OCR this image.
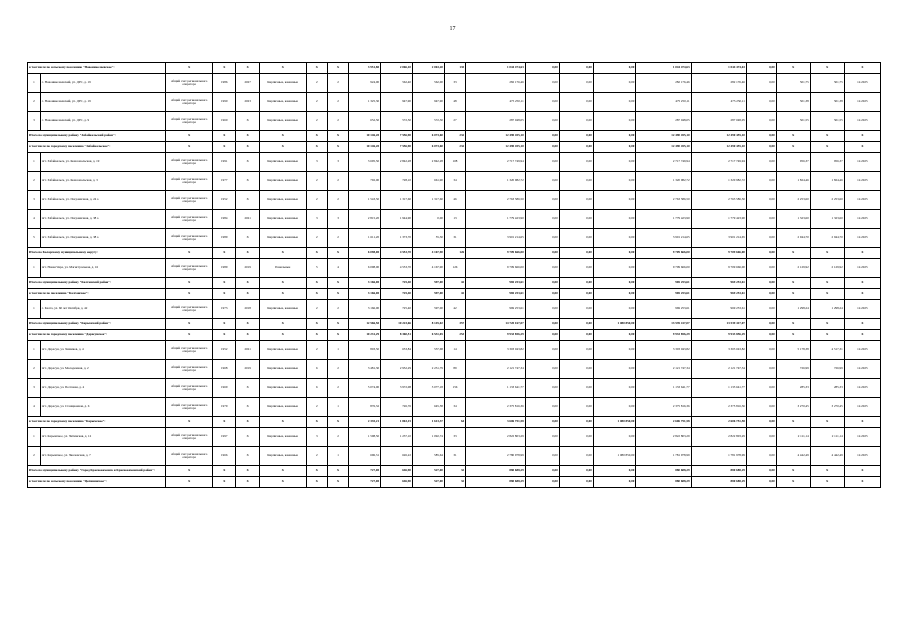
17
в том числе по сельскому поселению "Новониколаевское":		X	X	X	X	X	X	3 951,80	2 066,10	2 063,20	135	1 044 474,63	0,00	0,00	0,00	1 044 474,63	1 044 474,63	0,00	X	X	X
1	с. Новониколаевский, ул. ДРС, д. 19	общий счет регионального оператора	1986	2027	Кирпичные, каменные	2	2	924,00	562,40	562,00	33	282 176,46	0,00	0,00	0,00	282 176,46	282 176,46	0,00	501,75	501,75	12.2025
2	с. Новониколаевский, ул. ДРС, д. 19	общий счет регионального оператора	1990	2023	Кирпичные, каменные	2	2	1 325,30	947,90	947,90	48	475 250,11	0,00	0,00	0,00	475 250,11	475 250,11	0,00	501,38	501,38	12.2025
3	с. Новониколаевский, ул. ДРС, д. 9	общий счет регионального оператора	1960	X	Кирпичные, каменные	2	2	652,50	572,50	572,30	27	287 048,05	0,00	0,00	0,00	287 048,05	287 048,05	0,00	501,55	501,55	12.2025
Итого по муниципальному району "Забайкальский район":		X	X	X	X	X	X	10 146,20	7 556,90	6 073,60	232	12 490 455,10	0,00	0,00	0,00	12 490 455,10	12 490 455,10	0,00	X	X	X
в том числе по городскому поселению "Забайкальское":		X	X	X	X	X	X	10 146,20	7 556,90	6 073,60	232	12 490 455,10	0,00	0,00	0,00	12 490 455,10	12 490 455,10	0,00	X	X	X
1	пгт. Забайкальск, ул. Комсомольская, д. 19	общий счет регионального оператора	1991	X	Кирпичные, каменные	3	3	3 695,50	2 842,28	2 842,28	108	2 717 749,94	0,00	0,00	0,00	2 717 749,94	2 717 749,94	0,00	956,37	956,37	12.2025
2	пгт. Забайкальск, ул. Комсомольская, д. 3	общий счет регионального оператора	1977	X	Кирпичные, каменные	2	2	792,00	728,10	661,90	34	1 320 982,72	0,00	0,00	0,00	1 320 982,72	1 320 982,72	0,00	1 824,46	1 824,46	12.2025
3	пгт. Забайкальск, ул. Пограничная, д. 24 а	общий счет регионального оператора	1952	X	Кирпичные, каменные	2	2	1 543,50	1 317,60	1 317,60	46	2 763 586,50	0,00	0,00	0,00	2 763 586,50	2 763 586,50	0,00	2 253,60	2 253,60	12.2025
4	пгт. Забайкальск, ул. Пограничная, д. 38 а	общий счет регионального оператора	1984	2021	Кирпичные, каменные	3	3	2 815,20	1 944,90	0,00	13	1 779 423,90	0,00	0,00	0,00	1 779 423,90	1 779 423,90	0,00	1 323,60	1 323,60	12.2025
5	пгт. Забайкальск, ул. Пограничная, д. 38 а	общий счет регионального оператора	1989	X	Кирпичные, каменные	2	2	1 611,20	1 373,70	55,30	31	3 901 214,65	0,00	0,00	0,00	3 901 214,65	3 901 214,65	0,00	2 944,70	2 944,70	12.2025
Итого по Каларскому муниципальному округу:		X	X	X	X	X	X	6 098,00	4 553,70	4 167,90	126	9 709 666,00	0,00	0,00	0,00	9 709 666,00	9 709 666,00	0,00	X	X	X
1	пгт. Новая Чара, ул. Магистральная, д. 16	общий счет регионального оператора	1989	2019	Панельные	5	4	6 098,00	4 553,70	4 167,90	126	9 709 666,00	0,00	0,00	0,00	9 709 666,00	9 709 666,00	0,00	2 129,92	2 129,92	12.2025
Итого по муниципальному району "Калганский район":		X	X	X	X	X	X	3 166,00	725,40	597,00	42	969 253,61	0,00	0,00	0,00	969 253,61	969 253,61	0,00	X	X	X
в том числе по поселению "Калганское":		X	X	X	X	X	X	3 166,00	725,40	597,00	42	969 253,61	0,00	0,00	0,00	969 253,61	969 253,61	0,00	X	X	X
1	с. Калга, ул. 60 лет Октября, д. 42	общий счет регионального оператора	1973	2018	Кирпичные, каменные	2	2	3 166,00	725,40	597,00	42	969 253,61	0,00	0,00	0,00	969 253,61	969 253,61	0,00	1 298,24	1 298,24	12.2025
Итого по муниципальному району "Карымский район":		X	X	X	X	X	X	12 566,50	10 223,66	8 145,02	357	14 720 167,07	0,00	0,00	1 080 850,00	13 539 417,07	13 539 417,07	0,00	X	X	X
в том числе по городскому поселению "Дарасунское":		X	X	X	X	X	X	10 231,29	8 360,51	6 531,65	253	9 933 856,29	0,00	0,00	0,00	9 933 856,29	9 933 856,29	0,00	X	X	X
1	пгт. Дарасун, ул. Химиков, д. 4	общий счет регионального оператора	1952	2021	Кирпичные, каменные	2	1	803,50	653,84	537,68	14	3 303 043,82	0,00	0,00	0,00	3 303 043,82	3 303 043,82	0,00	5 178,38	4 517,31	12.2025
2	пгт. Дарасун, ул. Молодежная, д. 2	общий счет регионального оператора	1968	2019	Кирпичные, каменные	6	2	3 481,30	2 952,29	2 231,79	89	2 121 747,34	0,00	0,00	0,00	2 121 747,34	2 121 747,34	0,00	726,99	726,99	12.2025
3	пгт. Дарасун, ул. Почтовая, д. 4	общий счет регионального оператора	1969	X	Кирпичные, каменные	6	2	5 074,00	3 972,08	3 077,18	156	1 133 641,77	0,00	0,00	0,00	1 133 641,77	1 133 641,77	0,00	285,33	285,33	12.2025
4	пгт. Дарасун, ул. Станционная, д. 6	общий счет регионального оператора	1979	X	Кирпичные, каменные	2	1	876,32	726,76	645,58	34	2 375 816,36	0,00	0,00	0,00	2 375 816,36	2 375 816,36	0,00	3 270,45	3 270,45	12.2025
в том числе по городскому поселению "Карымское":		X	X	X	X	X	X	2 335,21	1 863,15	1 613,37	64	3 606 751,58	0,00	0,00	1 080 850,00	2 606 751,58	2 606 751,58	0,00	X	X	X
1	пгт. Карымское, ул. Читинская, д. 12	общий счет регионального оператора	1997	X	Кирпичные, каменные	3	2	1 598,50	1 237,10	1 092,74	33	2 822 803,29	0,00	0,00	0,00	2 822 803,29	2 822 803,29	0,00	2 111,14	2 111,14	12.2025
2	пгт. Карымское, ул. Чкаловская, д. 7	общий счет регионального оператора	1966	X	Кирпичные, каменные	2	1	696,31	626,22	585,64	31	2 780 978,99	0,00	0,00	1 080 850,00	1 781 978,99	1 781 978,99	0,00	4 442,49	4 442,49	12.2025
Итого по муниципальному району "Город Краснокаменск и Краснокаменский район":		X	X	X	X	X	X	727,00	646,90	527,00	32	880 688,29	0,00	0,00	0,00	880 688,29	880 688,29	0,00	X	X	X
в том числе по сельскому поселению "Целининское":		X	X	X	X	X	X	727,00	646,90	527,00	32	880 688,29	0,00	0,00	0,00	880 688,29	880 688,29	0,00	X	X	X
